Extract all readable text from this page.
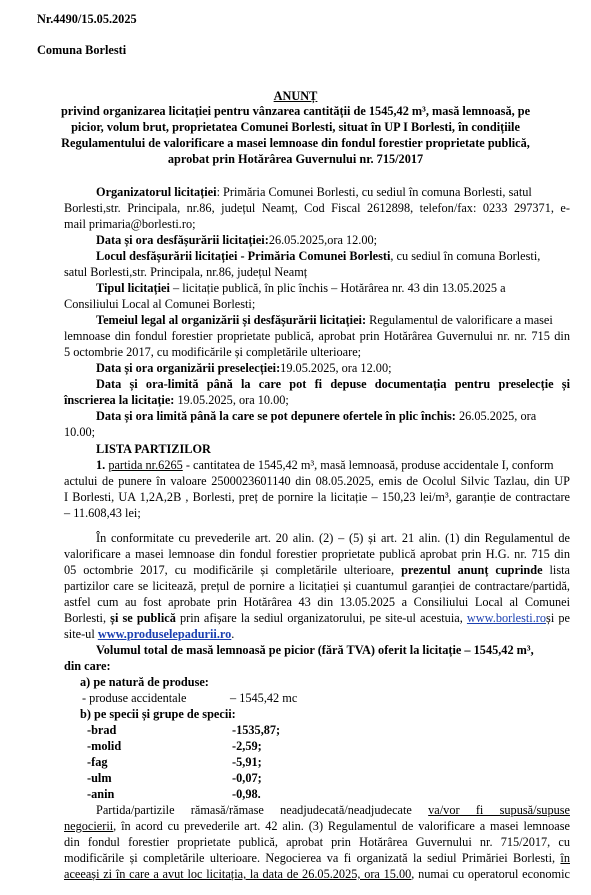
Nr.4490/15.05.2025
Comuna Borlesti
ANUNȚ
privind organizarea licitației pentru vânzarea cantității de 1545,42 m³, masă lemnoasă, pe
picior, volum brut, proprietatea Comunei Borlesti, situat în UP I Borlesti, în condițiile
Regulamentului de valorificare a masei lemnoase din fondul forestier proprietate publică,
aprobat prin Hotărârea Guvernului nr. 715/2017
Organizatorul licitației: Primăria Comunei Borlesti, cu sediul în comuna Borlesti, satul
Borlesti,str. Principala, nr.86, județul Neamț, Cod Fiscal 2612898, telefon/fax: 0233 297371, e-
mail primaria@borlesti.ro;
Data și ora desfășurării licitației:26.05.2025,ora 12.00;
Locul desfășurării licitației - Primăria Comunei Borlesti, cu sediul în comuna Borlesti,
satul Borlesti,str. Principala, nr.86, județul Neamț
Tipul licitației – licitație publică, în plic închis – Hotărârea nr. 43 din 13.05.2025 a
Consiliului Local al Comunei Borlesti;
Temeiul legal al organizării și desfășurării licitației: Regulamentul de valorificare a masei
lemnoase din fondul forestier proprietate publică, aprobat prin Hotărârea Guvernului nr. nr. 715 din
5 octombrie 2017, cu modificările și completările ulterioare;
Data și ora organizării preselecției:19.05.2025, ora 12.00;
Data și ora-limită până la care pot fi depuse documentația pentru preselecție și
înscrierea la licitație: 19.05.2025, ora 10.00;
Data și ora limită până la care se pot depunere ofertele în plic închis: 26.05.2025, ora
10.00;
LISTA PARTIZILOR
1. partida nr.6265 - cantitatea de 1545,42 m³, masă lemnoasă, produse accidentale I, conform
actului de punere în valoare 2500023601140 din 08.05.2025, emis de Ocolul Silvic Tazlau, din UP
I Borlesti, UA 1,2A,2B , Borlesti, preț de pornire la licitație – 150,23 lei/m³, garanție de contractare
– 11.608,43 lei;
În conformitate cu prevederile art. 20 alin. (2) – (5) și art. 21 alin. (1) din Regulamentul de
valorificare a masei lemnoase din fondul forestier proprietate publică aprobat prin H.G. nr. 715 din
05 octombrie 2017, cu modificările și completările ulterioare, prezentul anunț cuprinde lista
partizilor care se licitează, prețul de pornire a licitației și cuantumul garanției de contractare/partidă,
astfel cum au fost aprobate prin Hotărârea 43 din 13.05.2025 a Consiliului Local al Comunei
Borlesti, și se publică prin afișare la sediul organizatorului, pe site-ul acestuia, www.borlesti.roși pe
site-ul www.produselepadurii.ro.
Volumul total de masă lemnoasă pe picior (fără TVA) oferit la licitație – 1545,42 m³,
din care:
a) pe natură de produse:
- produse accidentale	– 1545,42 mc
b) pe specii și grupe de specii:
-brad	-1535,87;
-molid	-2,59;
-fag	-5,91;
-ulm	-0,07;
-anin	-0,98.
Partida/partizile rămasă/rămase neadjudecată/neadjudecate va/vor fi supusă/supuse
negocierii, în acord cu prevederile art. 42 alin. (3) Regulamentul de valorificare a masei lemnoase
din fondul forestier proprietate publică, aprobat prin Hotărârea Guvernului nr. 715/2017, cu
modificările și completările ulterioare. Negocierea va fi organizată la sediul Primăriei Borlesti, în
aceeași zi în care a avut loc licitația, la data de 26.05.2025, ora 15.00, numai cu operatorul economic
